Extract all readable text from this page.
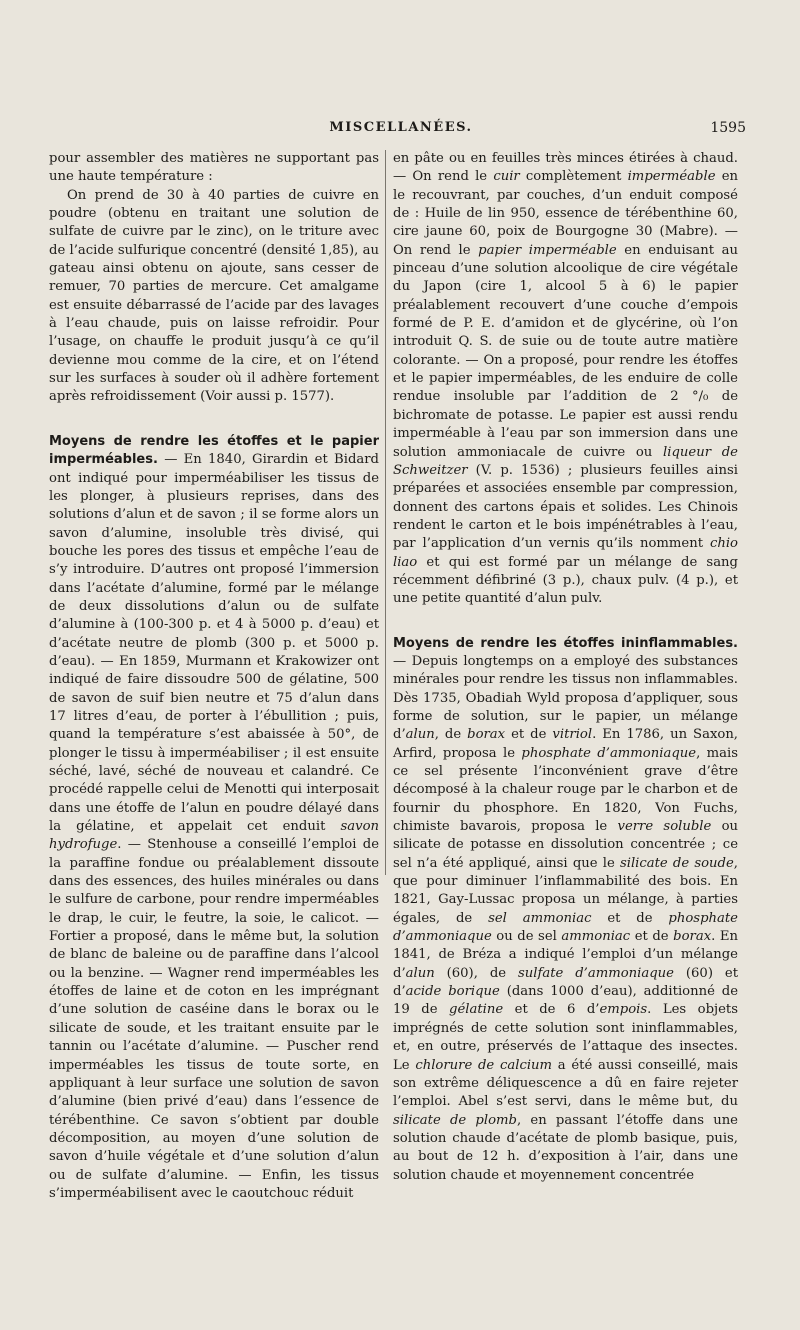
MISCELLANÉES.	1595

pour assembler des matières ne supportant pas une haute température :

On prend de 30 à 40 parties de cuivre en poudre (obtenu en traitant une solution de sulfate de cuivre par le zinc), on le triture avec de l’acide sulfurique concentré (densité 1,85), au gateau ainsi obtenu on ajoute, sans cesser de remuer, 70 parties de mercure. Cet amalgame est ensuite débarrassé de l’acide par des lavages à l’eau chaude, puis on laisse refroidir. Pour l’usage, on chauffe le produit jusqu’à ce qu’il devienne mou comme de la cire, et on l’étend sur les surfaces à souder où il adhère fortement après refroidissement (Voir aussi p. 1577).

Moyens de rendre les étoffes et le papier imperméables. — En 1840, Girardin et Bidard ont indiqué pour imperméabiliser les tissus de les plonger, à plusieurs reprises, dans des solutions d’alun et de savon ; il se forme alors un savon d’alumine, insoluble très divisé, qui bouche les pores des tissus et empêche l’eau de s’y introduire. D’autres ont proposé l’immersion dans l’acétate d’alumine, formé par le mélange de deux dissolutions d’alun ou de sulfate d’alumine à (100-300 p. et 4 à 5000 p. d’eau) et d’acétate neutre de plomb (300 p. et 5000 p. d’eau). — En 1859, Murmann et Krakowizer ont indiqué de faire dissoudre 500 de gélatine, 500 de savon de suif bien neutre et 75 d’alun dans 17 litres d’eau, de porter à l’ébullition ; puis, quand la température s’est abaissée à 50°, de plonger le tissu à imperméabiliser ; il est ensuite séché, lavé, séché de nouveau et calandré. Ce procédé rappelle celui de Menotti qui interposait dans une étoffe de l’alun en poudre délayé dans la gélatine, et appelait cet enduit savon hydrofuge. — Stenhouse a conseillé l’emploi de la paraffine fondue ou préalablement dissoute dans des essences, des huiles minérales ou dans le sulfure de carbone, pour rendre imperméables le drap, le cuir, le feutre, la soie, le calicot. — Fortier a proposé, dans le même but, la solution de blanc de baleine ou de paraffine dans l’alcool ou la benzine. — Wagner rend imperméables les étoffes de laine et de coton en les imprégnant d’une solution de caséine dans le borax ou le silicate de soude, et les traitant ensuite par le tannin ou l’acétate d’alumine. — Puscher rend imperméables les tissus de toute sorte, en appliquant à leur surface une solution de savon d’alumine (bien privé d’eau) dans l’essence de térébenthine. Ce savon s’obtient par double décomposition, au moyen d’une solution de savon d’huile végétale et d’une solution d’alun ou de sulfate d’alumine. — Enfin, les tissus s’imperméabilisent avec le caoutchouc réduit

en pâte ou en feuilles très minces étirées à chaud. — On rend le cuir complètement imperméable en le recouvrant, par couches, d’un enduit composé de : Huile de lin 950, essence de térébenthine 60, cire jaune 60, poix de Bourgogne 30 (Mabre). — On rend le papier imperméable en enduisant au pinceau d’une solution alcoolique de cire végétale du Japon (cire 1, alcool 5 à 6) le papier préalablement recouvert d’une couche d’empois formé de P. E. d’amidon et de glycérine, où l’on introduit Q. S. de suie ou de toute autre matière colorante. — On a proposé, pour rendre les étoffes et le papier imperméables, de les enduire de colle rendue insoluble par l’addition de 2 °/₀ de bichromate de potasse. Le papier est aussi rendu imperméable à l’eau par son immersion dans une solution ammoniacale de cuivre ou liqueur de Schweitzer (V. p. 1536) ; plusieurs feuilles ainsi préparées et associées ensemble par compression, donnent des cartons épais et solides. Les Chinois rendent le carton et le bois impénétrables à l’eau, par l’application d’un vernis qu’ils nomment chio liao et qui est formé par un mélange de sang récemment défibriné (3 p.), chaux pulv. (4 p.), et une petite quantité d’alun pulv.

Moyens de rendre les étoffes ininflammables. — Depuis longtemps on a employé des substances minérales pour rendre les tissus non inflammables. Dès 1735, Obadiah Wyld proposa d’appliquer, sous forme de solution, sur le papier, un mélange d’alun, de borax et de vitriol. En 1786, un Saxon, Arfird, proposa le phosphate d’ammoniaque, mais ce sel présente l’inconvénient grave d’être décomposé à la chaleur rouge par le charbon et de fournir du phosphore. En 1820, Von Fuchs, chimiste bavarois, proposa le verre soluble ou silicate de potasse en dissolution concentrée ; ce sel n’a été appliqué, ainsi que le silicate de soude, que pour diminuer l’inflammabilité des bois. En 1821, Gay-Lussac proposa un mélange, à parties égales, de sel ammoniac et de phosphate d’ammoniaque ou de sel ammoniac et de borax. En 1841, de Bréza a indiqué l’emploi d’un mélange d’alun (60), de sulfate d’ammoniaque (60) et d’acide borique (dans 1000 d’eau), additionné de 19 de gélatine et de 6 d’empois. Les objets imprégnés de cette solution sont ininflammables, et, en outre, préservés de l’attaque des insectes. Le chlorure de calcium a été aussi conseillé, mais son extrême déliquescence a dû en faire rejeter l’emploi. Abel s’est servi, dans le même but, du silicate de plomb, en passant l’étoffe dans une solution chaude d’acétate de plomb basique, puis, au bout de 12 h. d’exposition à l’air, dans une solution chaude et moyennement concentrée
